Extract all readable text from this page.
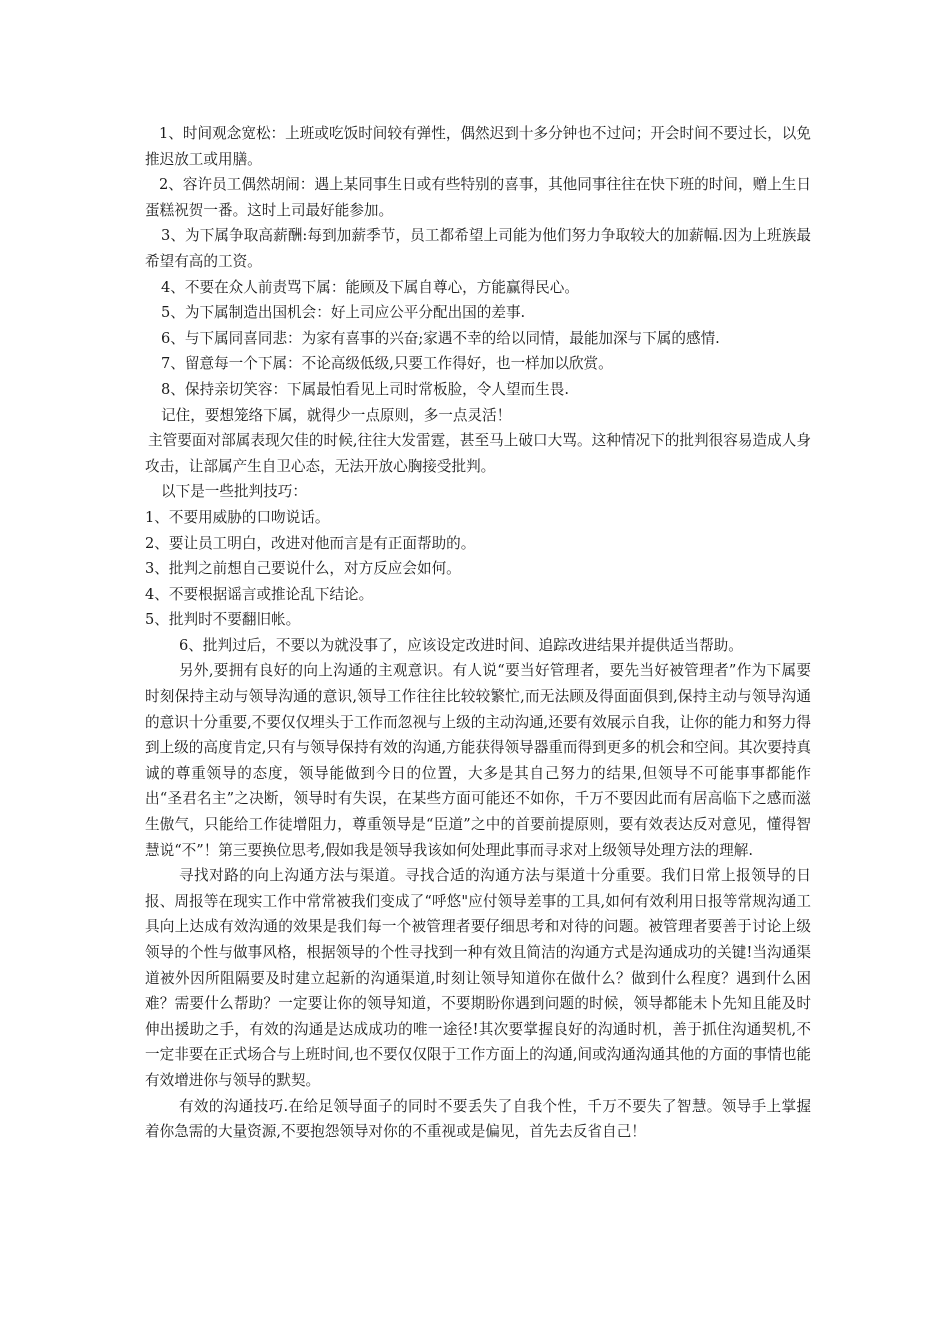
1、时间观念宽松：上班或吃饭时间较有弹性，偶然迟到十多分钟也不过问；开会时间不要过长，以免推迟放工或用膳。

2、容许员工偶然胡闹：遇上某同事生日或有些特别的喜事，其他同事往往在快下班的时间，赠上生日蛋糕祝贺一番。这时上司最好能参加。

3、为下属争取高薪酬:每到加薪季节，员工都希望上司能为他们努力争取较大的加薪幅.因为上班族最希望有高的工资。

4、不要在众人前责骂下属：能顾及下属自尊心，方能赢得民心。

5、为下属制造出国机会：好上司应公平分配出国的差事.

6、与下属同喜同悲：为家有喜事的兴奋;家遇不幸的给以同情，最能加深与下属的感情.

7、留意每一个下属：不论高级低级,只要工作得好，也一样加以欣赏。

8、保持亲切笑容：下属最怕看见上司时常板脸，令人望而生畏.

记住，要想笼络下属，就得少一点原则，多一点灵活！

主管要面对部属表现欠佳的时候,往往大发雷霆，甚至马上破口大骂。这种情况下的批判很容易造成人身攻击，让部属产生自卫心态，无法开放心胸接受批判。

以下是一些批判技巧：

1、不要用威胁的口吻说话。

2、要让员工明白，改进对他而言是有正面帮助的。

3、批判之前想自己要说什么，对方反应会如何。

4、不要根据谣言或推论乱下结论。

5、批判时不要翻旧帐。

6、批判过后，不要以为就没事了，应该设定改进时间、追踪改进结果并提供适当帮助。

另外,要拥有良好的向上沟通的主观意识。有人说“要当好管理者，要先当好被管理者”作为下属要时刻保持主动与领导沟通的意识,领导工作往往比较较繁忙,而无法顾及得面面俱到,保持主动与领导沟通的意识十分重要,不要仅仅埋头于工作而忽视与上级的主动沟通,还要有效展示自我，让你的能力和努力得到上级的高度肯定,只有与领导保持有效的沟通,方能获得领导器重而得到更多的机会和空间。其次要持真诚的尊重领导的态度，领导能做到今日的位置，大多是其自己努力的结果,但领导不可能事事都能作出“圣君名主”之决断，领导时有失误，在某些方面可能还不如你，千万不要因此而有居高临下之感而滋生傲气，只能给工作徒增阻力，尊重领导是“臣道”之中的首要前提原则，要有效表达反对意见，懂得智慧说“不”！第三要换位思考,假如我是领导我该如何处理此事而寻求对上级领导处理方法的理解.

寻找对路的向上沟通方法与渠道。寻找合适的沟通方法与渠道十分重要。我们日常上报领导的日报、周报等在现实工作中常常被我们变成了“呼悠"应付领导差事的工具,如何有效利用日报等常规沟通工具向上达成有效沟通的效果是我们每一个被管理者要仔细思考和对待的问题。被管理者要善于讨论上级领导的个性与做事风格，根据领导的个性寻找到一种有效且简洁的沟通方式是沟通成功的关键!当沟通渠道被外因所阻隔要及时建立起新的沟通渠道,时刻让领导知道你在做什么？做到什么程度？遇到什么困难？需要什么帮助？一定要让你的领导知道，不要期盼你遇到问题的时候，领导都能未卜先知且能及时伸出援助之手，有效的沟通是达成成功的唯一途径!其次要掌握良好的沟通时机，善于抓住沟通契机,不一定非要在正式场合与上班时间,也不要仅仅限于工作方面上的沟通,间或沟通沟通其他的方面的事情也能有效增进你与领导的默契。

有效的沟通技巧.在给足领导面子的同时不要丢失了自我个性，千万不要失了智慧。领导手上掌握着你急需的大量资源,不要抱怨领导对你的不重视或是偏见，首先去反省自己！
